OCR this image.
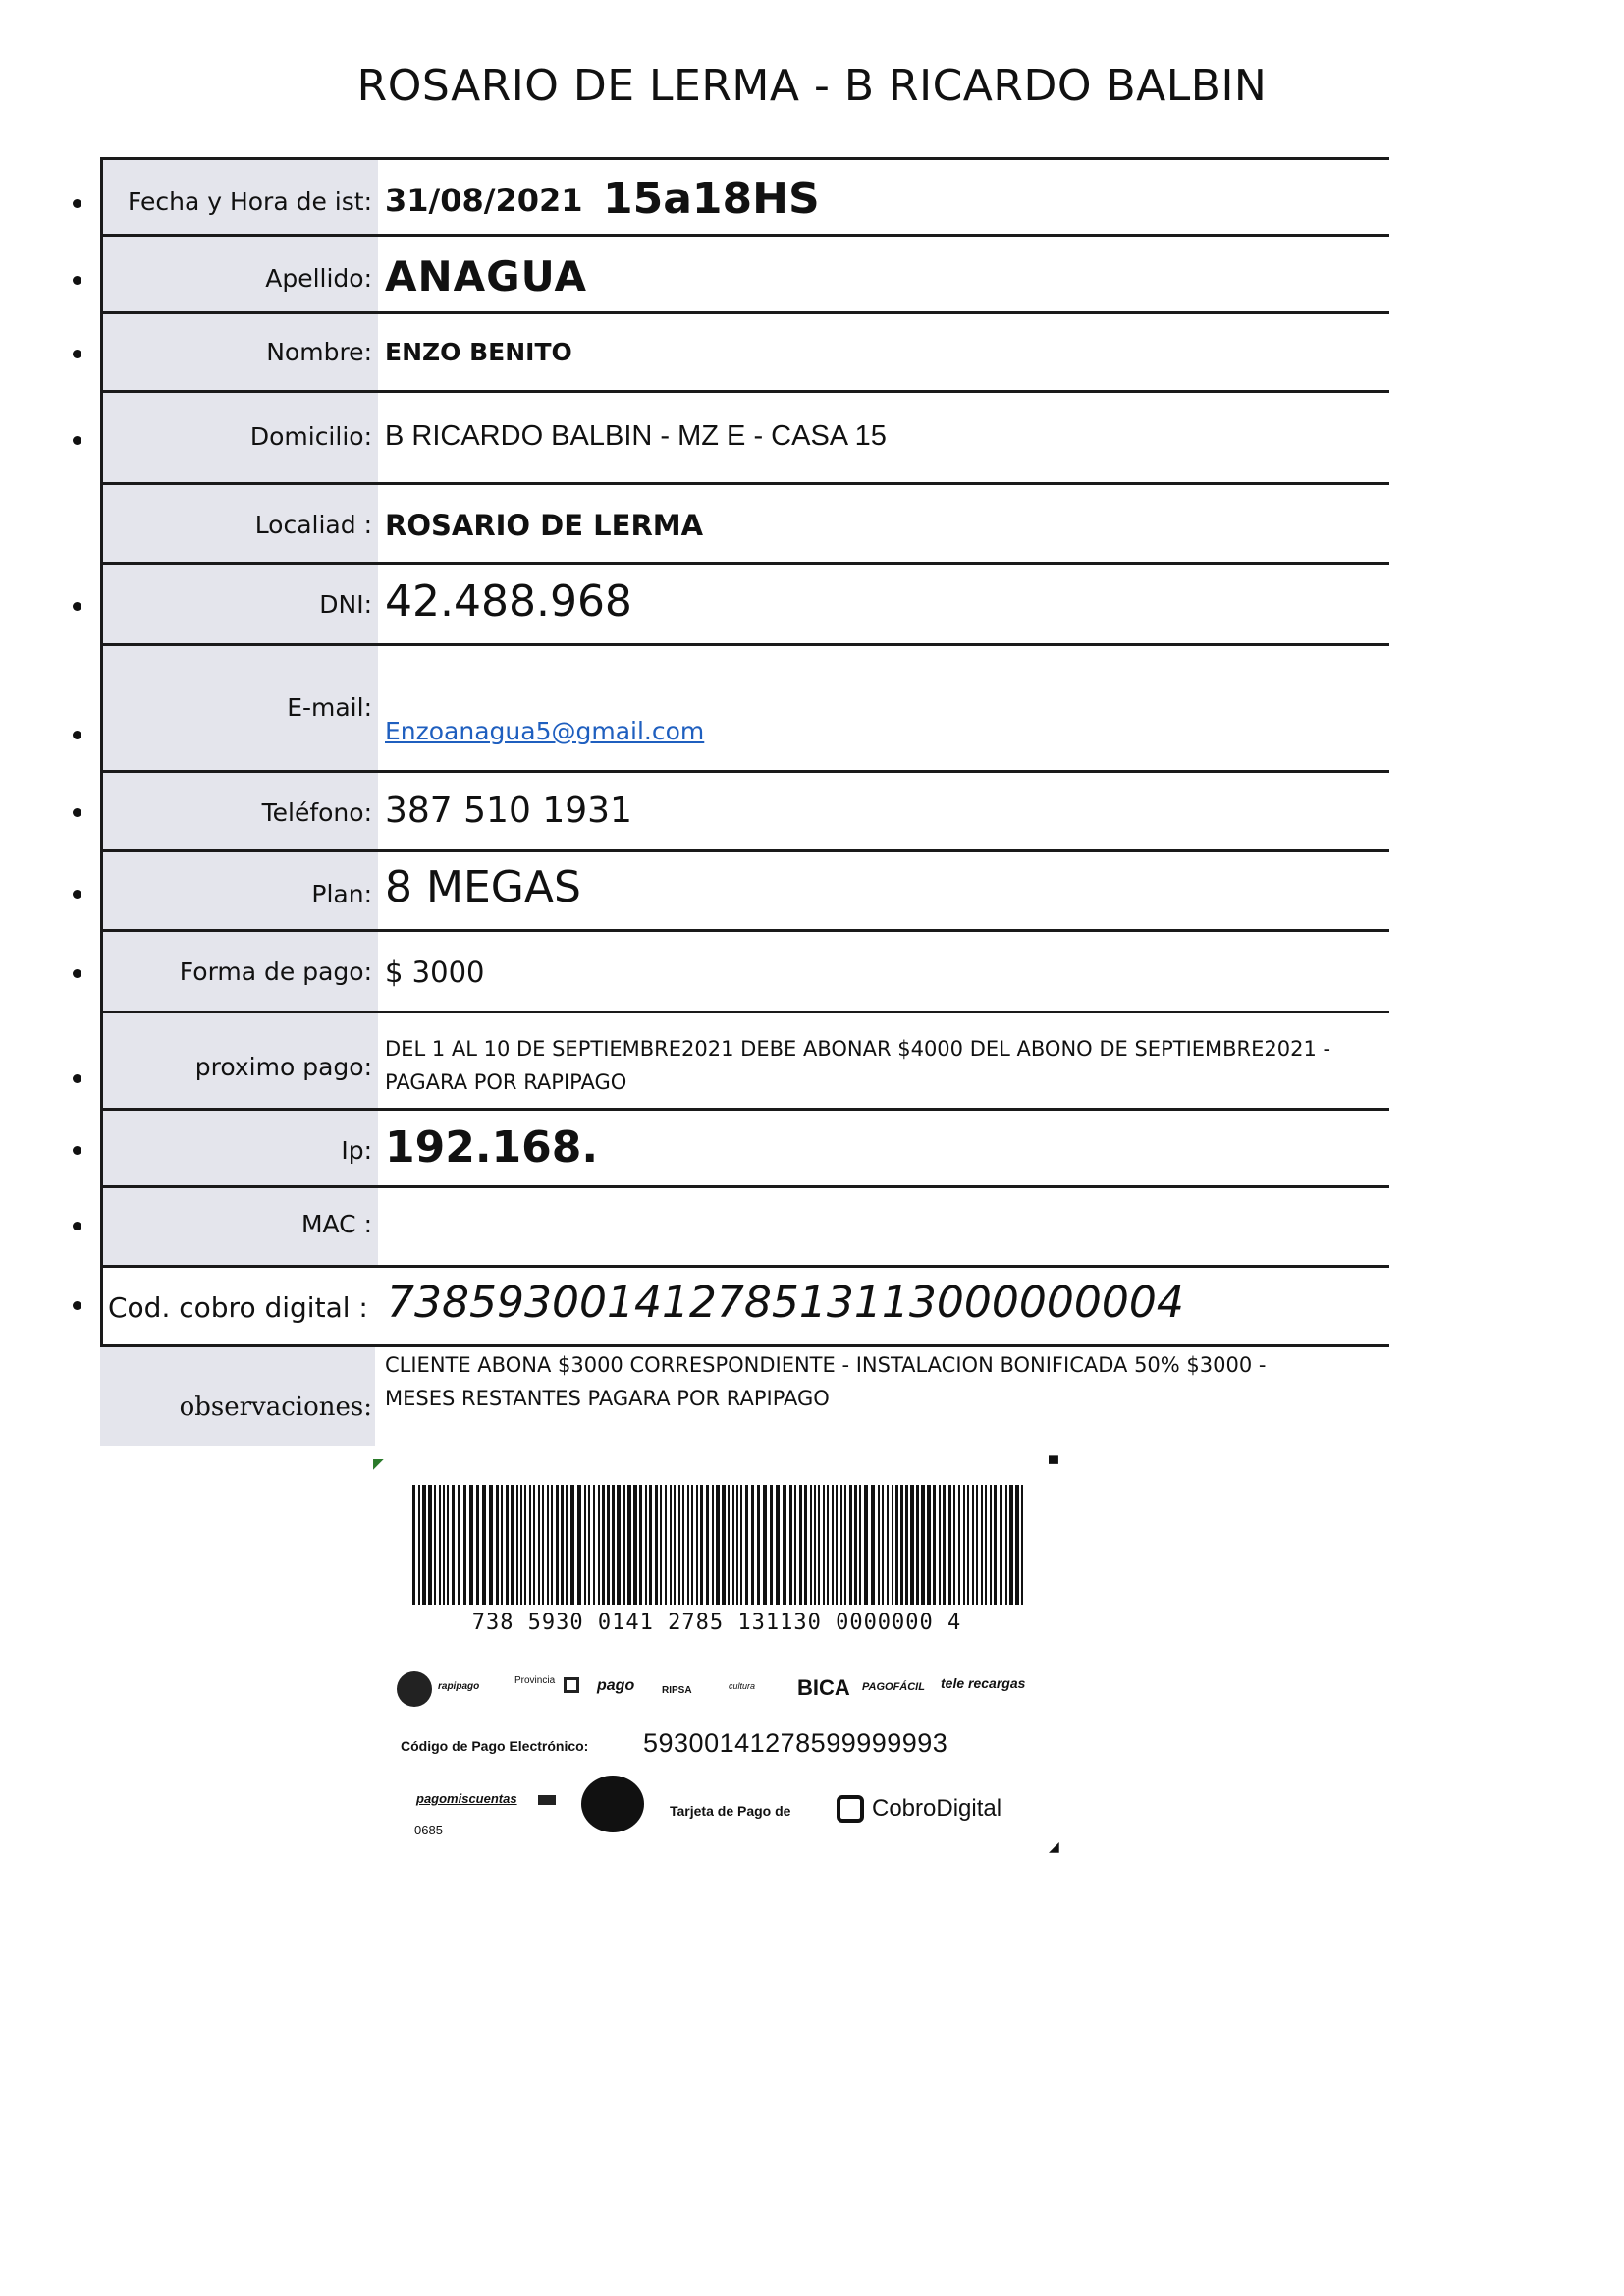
ROSARIO DE LERMA - B RICARDO BALBIN
Fecha y Hora de ist: 31/08/2021 15a18HS
Apellido: ANAGUA
Nombre: ENZO BENITO
Domicilio: B RICARDO BALBIN - MZ E - CASA 15
Localiad : ROSARIO DE LERMA
DNI: 42.488.968
E-mail:
Enzoanagua5@gmail.com
Teléfono: 387 510 1931
Plan: 8 MEGAS
Forma de pago: $ 3000
proximo pago:
DEL 1 AL 10 DE SEPTIEMBRE2021 DEBE ABONAR $4000 DEL ABONO DE SEPTIEMBRE2021 -
PAGARA POR RAPIPAGO
Ip: 192.168.
MAC :
Cod. cobro digital : 73859300141278513113000000004
observaciones:
CLIENTE ABONA $3000 CORRESPONDIENTE - INSTALACION BONIFICADA 50% $3000 -
MESES RESTANTES PAGARA POR RAPIPAGO
◤	▀
738 5930 0141 2785 131130 0000000 4
rapipago
Provincia	pago	RIPSA	cultura BICA PAGOFÁCIL tele recargas
Código de Pago Electrónico: 59300141278599999993
pagomiscuentas
0685
Tarjeta de Pago de	CobroDigital
◢
